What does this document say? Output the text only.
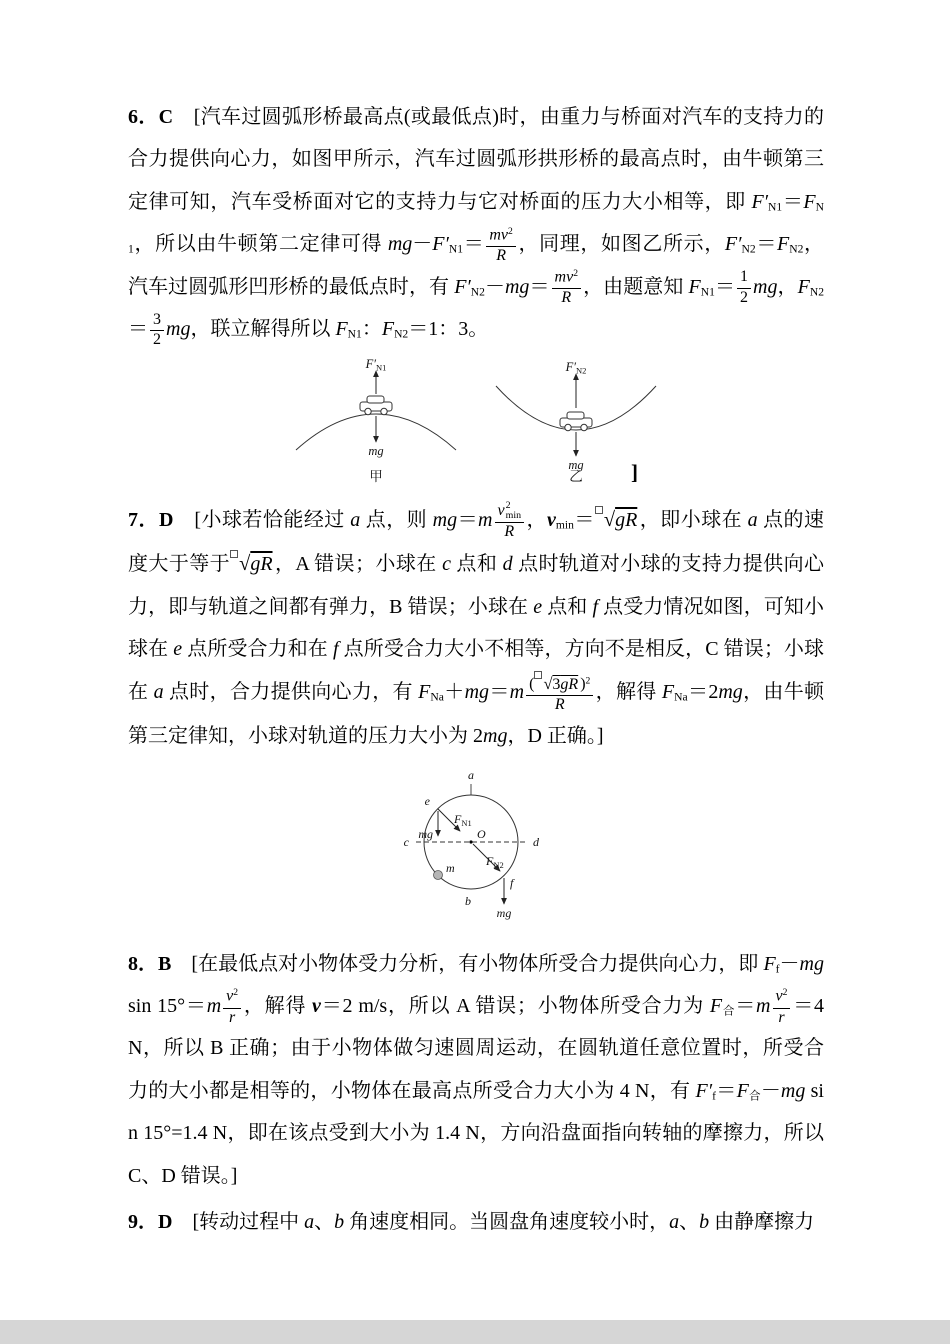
6．C　[汽车过圆弧形桥最高点(或最低点)时，由重力与桥面对汽车的支持力的合力提供向心力，如图甲所示，汽车过圆弧形拱形桥的最高点时，由牛顿第三定律可知，汽车受桥面对它的支持力与它对桥面的压力大小相等，即 $F'_{N1}=F_{N1}$，所以由牛顿第二定律可得 $mg-F'_{N1}= \frac{mv^2}{R}$ ，同理，如图乙所示，$F'_{N2}=F_{N2}$，汽车过圆弧形凹形桥的最低点时，有 $F'_{N2}-mg= \frac{mv^2}{R}$ ，由题意知 $F_{N1}= \frac{1}{2}$ mg，$F_{N2}= \frac{3}{2}$ mg，联立解得所以 $F_{N1}$：$F_{N2}=1$：3。

$F'_{N1}$
mg
甲
$F'_{N2}$
mg
乙 ]

7．D　[小球若恰能经过 a 点，则 mg＝m v 2
min
R ，$v_{min}= √gR$ ，即小球在 a 点的速度大于等于 √gR ，A 错误；小球在 c 点和 d 点时轨道对小球的支持力提供向心力，即与轨道之间都有弹力，B 错误；小球在 e 点和 f 点受力情况如图，可知小球在 e 点所受合力和在 f 点所受合力大小不相等，方向不是相反，C 错误；小球在 a 点时，合力提供向心力，有 $F_{Na}+mg=m \frac{( √3gR )^2}{R}$ ，解得 $F_{Na}=2mg$，由牛顿第三定律知，小球对轨道的压力大小为 2mg，D 正确。]

a
b
c	d
O
e
f
$F_{N1}$
mg
$F_{N2}$
mg
m

8．B　[在最低点对小物体受力分析，有小物体所受合力提供向心力，即 $F_f-mg$ $\sin 15^\circ=m \frac{v^2}{r}$ ，解得 v＝2 m/s，所以 A 错误；小物体所受合力为 $F_合=m \frac{v^2}{r} =4$ N，所以 B 正确；由于小物体做匀速圆周运动，在圆轨道任意位置时，所受合力的大小都是相等的，小物体在最高点所受合力大小为 4 N，有 $F'_f=F_合-mg$ sin 15°=1.4 N，即在该点受到大小为 1.4 N，方向沿盘面指向转轴的摩擦力，所以 C、D 错误。]

9．D　[转动过程中 a、b 角速度相同。当圆盘角速度较小时，a、b 由静摩擦力
